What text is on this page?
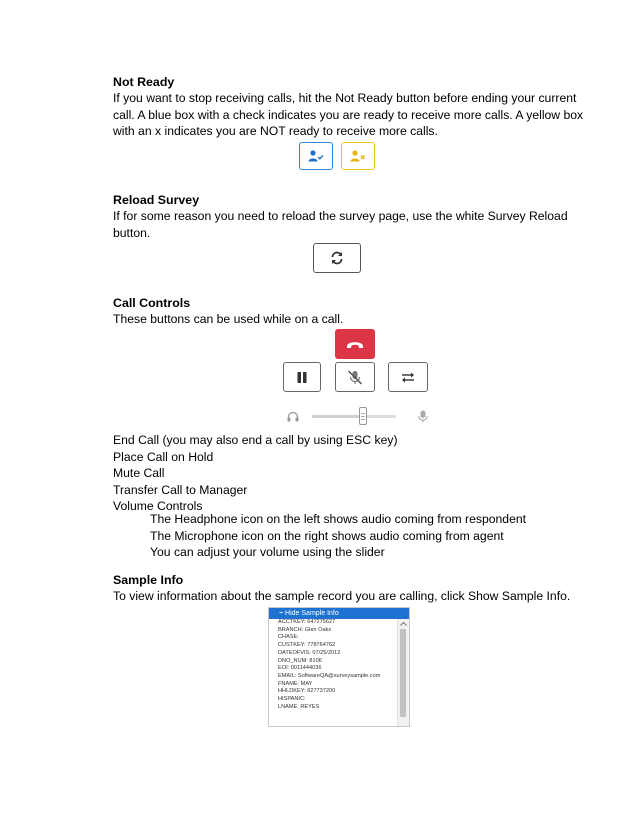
Not Ready
If you want to stop receiving calls, hit the Not Ready button before ending your current
call. A blue box with a check indicates you are ready to receive more calls. A yellow box
with an x indicates you are NOT ready to receive more calls.
Reload Survey
If for some reason you need to reload the survey page, use the white Survey Reload
button.
Call Controls
These buttons can be used while on a call.
End Call (you may also end a call by using ESC key)
Place Call on Hold
Mute Call
Transfer Call to Manager
Volume Controls
The Headphone icon on the left shows audio coming from respondent
The Microphone icon on the right shows audio coming from agent
You can adjust your volume using the slider
Sample Info
To view information about the sample record you are calling, click Show Sample Info.
− Hide Sample Info
ACCTKEY: 647275627
BRANCH: Glen Oaks
CHASE:
CUSTKEY: 778764762
DATEOFVIS: 07/25/2012
DNO_NUM: 8106
EOI: 0011444036
EMAIL: SoftwareQA@surveysample.com
FNAME: MAY
HHLDKEY: 627737200
HISPANIC:
LNAME: REYES
